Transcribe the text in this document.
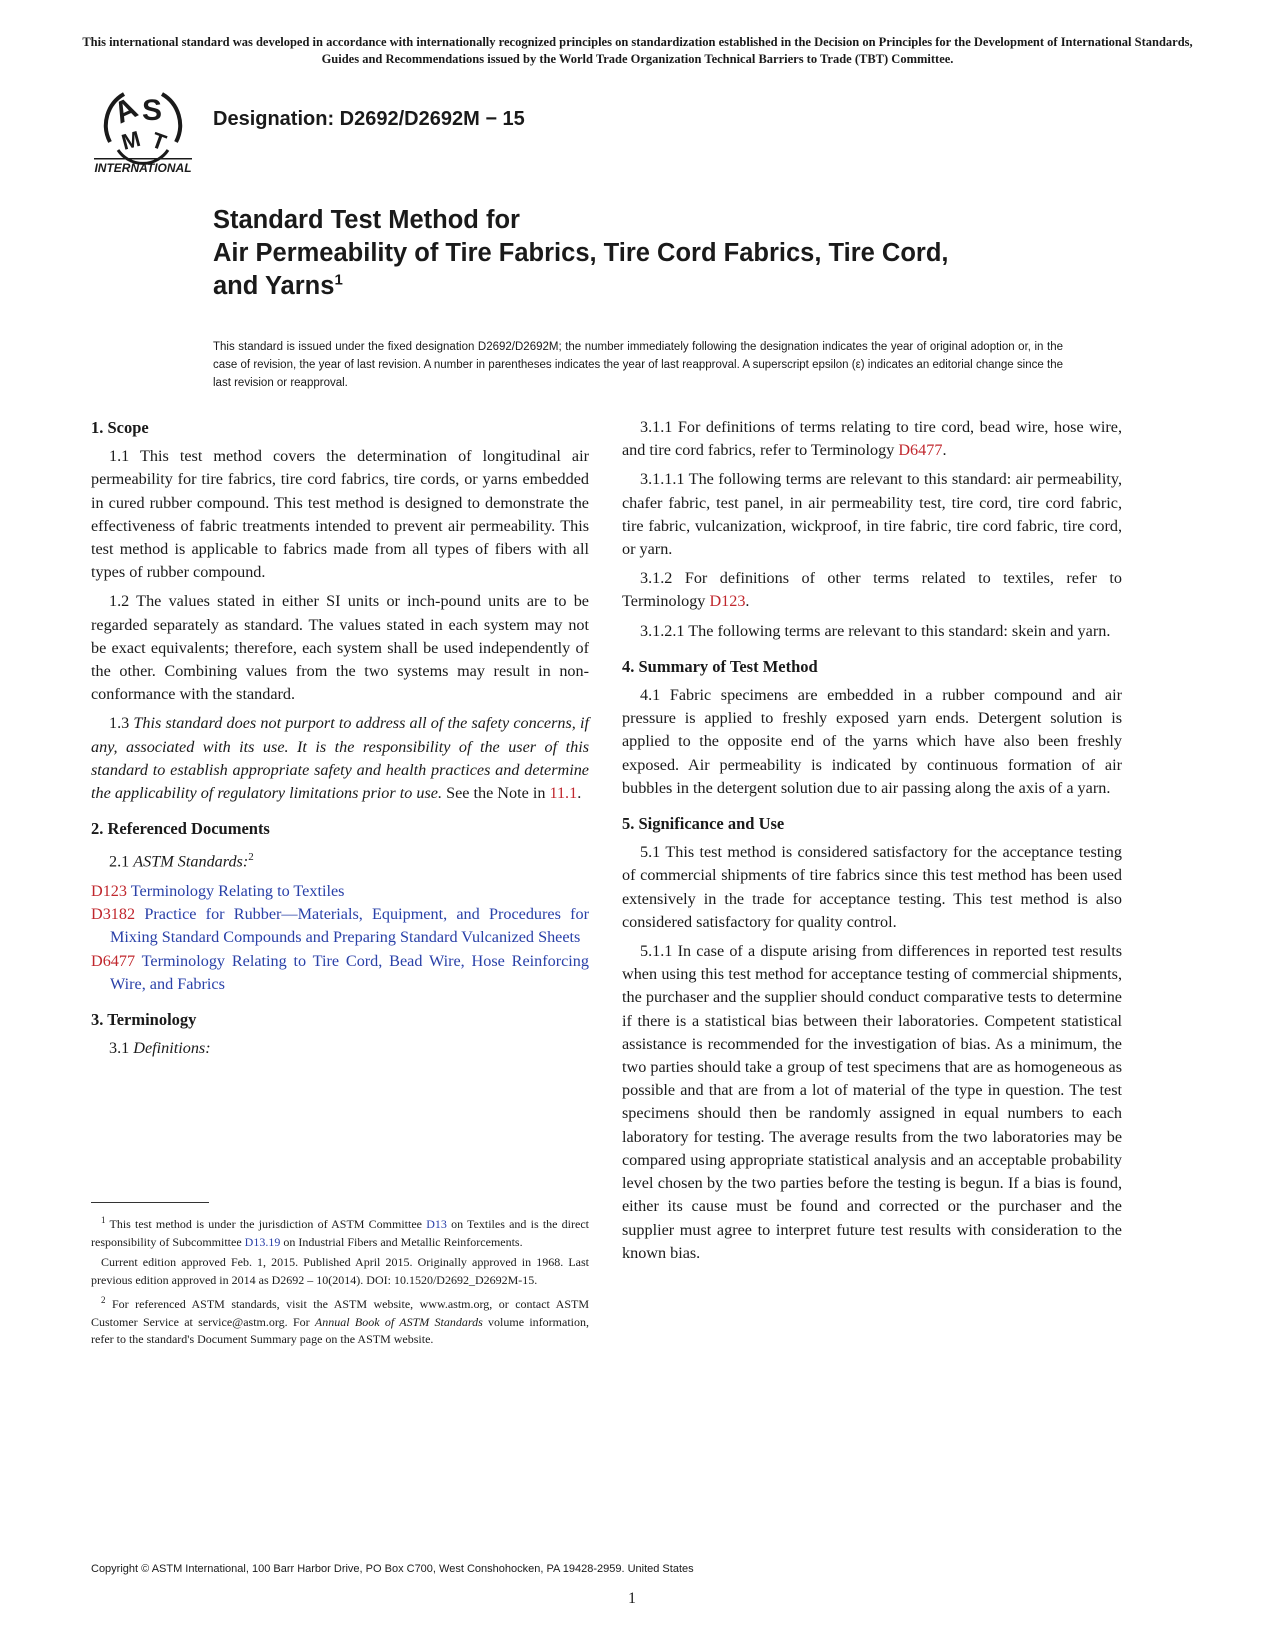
This international standard was developed in accordance with internationally recognized principles on standardization established in the Decision on Principles for the Development of International Standards, Guides and Recommendations issued by the World Trade Organization Technical Barriers to Trade (TBT) Committee.
A S
T
M
INTERNATIONAL
Designation: D2692/D2692M − 15
Standard Test Method for
Air Permeability of Tire Fabrics, Tire Cord Fabrics, Tire Cord, and Yarns$^1$
This standard is issued under the fixed designation D2692/D2692M; the number immediately following the designation indicates the year of original adoption or, in the case of revision, the year of last revision. A number in parentheses indicates the year of last reapproval. A superscript epsilon (ε) indicates an editorial change since the last revision or reapproval.
1. Scope

1.1 This test method covers the determination of longitudinal air permeability for tire fabrics, tire cord fabrics, tire cords, or yarns embedded in cured rubber compound. This test method is designed to demonstrate the effectiveness of fabric treatments intended to prevent air permeability. This test method is applicable to fabrics made from all types of fibers with all types of rubber compound.

1.2 The values stated in either SI units or inch-pound units are to be regarded separately as standard. The values stated in each system may not be exact equivalents; therefore, each system shall be used independently of the other. Combining values from the two systems may result in non-conformance with the standard.

1.3 This standard does not purport to address all of the safety concerns, if any, associated with its use. It is the responsibility of the user of this standard to establish appropriate safety and health practices and determine the applicability of regulatory limitations prior to use. See the Note in 11.1.

2. Referenced Documents

2.1 ASTM Standards:$^2$

D123 Terminology Relating to Textiles
D3182 Practice for Rubber—Materials, Equipment, and Procedures for Mixing Standard Compounds and Preparing Standard Vulcanized Sheets
D6477 Terminology Relating to Tire Cord, Bead Wire, Hose Reinforcing Wire, and Fabrics
3. Terminology

3.1 Definitions:

$^1$ This test method is under the jurisdiction of ASTM Committee D13 on Textiles and is the direct responsibility of Subcommittee D13.19 on Industrial Fibers and Metallic Reinforcements.

Current edition approved Feb. 1, 2015. Published April 2015. Originally approved in 1968. Last previous edition approved in 2014 as D2692 – 10(2014). DOI: 10.1520/D2692_D2692M-15.

$^2$ For referenced ASTM standards, visit the ASTM website, www.astm.org, or contact ASTM Customer Service at service@astm.org. For Annual Book of ASTM Standards volume information, refer to the standard's Document Summary page on the ASTM website.

3.1.1 For definitions of terms relating to tire cord, bead wire, hose wire, and tire cord fabrics, refer to Terminology D6477.

3.1.1.1 The following terms are relevant to this standard: air permeability, chafer fabric, test panel, in air permeability test, tire cord, tire cord fabric, tire fabric, vulcanization, wickproof, in tire fabric, tire cord fabric, tire cord, or yarn.

3.1.2 For definitions of other terms related to textiles, refer to Terminology D123.

3.1.2.1 The following terms are relevant to this standard: skein and yarn.

4. Summary of Test Method

4.1 Fabric specimens are embedded in a rubber compound and air pressure is applied to freshly exposed yarn ends. Detergent solution is applied to the opposite end of the yarns which have also been freshly exposed. Air permeability is indicated by continuous formation of air bubbles in the detergent solution due to air passing along the axis of a yarn.

5. Significance and Use

5.1 This test method is considered satisfactory for the acceptance testing of commercial shipments of tire fabrics since this test method has been used extensively in the trade for acceptance testing. This test method is also considered satisfactory for quality control.

5.1.1 In case of a dispute arising from differences in reported test results when using this test method for acceptance testing of commercial shipments, the purchaser and the supplier should conduct comparative tests to determine if there is a statistical bias between their laboratories. Competent statistical assistance is recommended for the investigation of bias. As a minimum, the two parties should take a group of test specimens that are as homogeneous as possible and that are from a lot of material of the type in question. The test specimens should then be randomly assigned in equal numbers to each laboratory for testing. The average results from the two laboratories may be compared using appropriate statistical analysis and an acceptable probability level chosen by the two parties before the testing is begun. If a bias is found, either its cause must be found and corrected or the purchaser and the supplier must agree to interpret future test results with consideration to the known bias.

Copyright © ASTM International, 100 Barr Harbor Drive, PO Box C700, West Conshohocken, PA 19428-2959. United States
1
